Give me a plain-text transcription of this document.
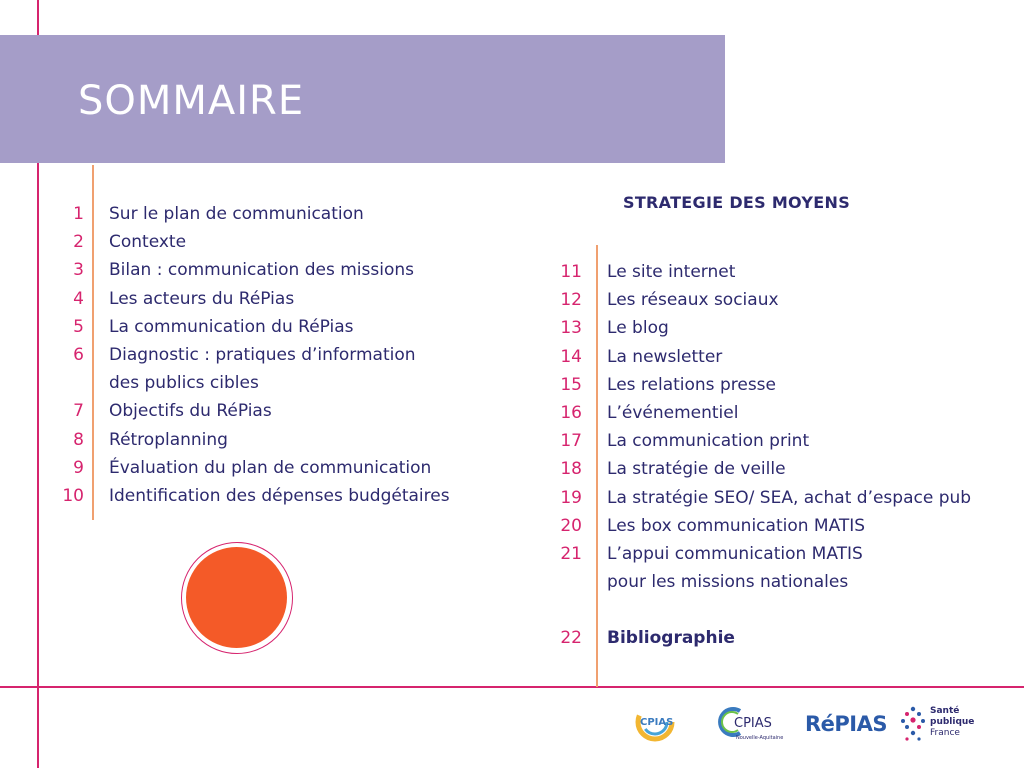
SOMMAIRE
1 Sur le plan de communication
2 Contexte
3 Bilan : communication des missions
4 Les acteurs du RéPias
5 La communication du RéPias
6 Diagnostic : pratiques d’information
des publics cibles
7 Objectifs du RéPias
8 Rétroplanning
9 Évaluation du plan de communication
10 Identification des dépenses budgétaires
STRATEGIE DES MOYENS
11 Le site internet
12 Les réseaux sociaux
13 Le blog
14 La newsletter
15 Les relations presse
16 L’événementiel
17 La communication print
18 La stratégie de veille
19 La stratégie SEO/ SEA, achat d’espace pub
20 Les box communication MATIS
21 L’appui communication MATIS
pour les missions nationales
22 Bibliographie
CPIAS	CPIAS
Nouvelle-Aquitaine
RéPIAS
Santé
publique
France
